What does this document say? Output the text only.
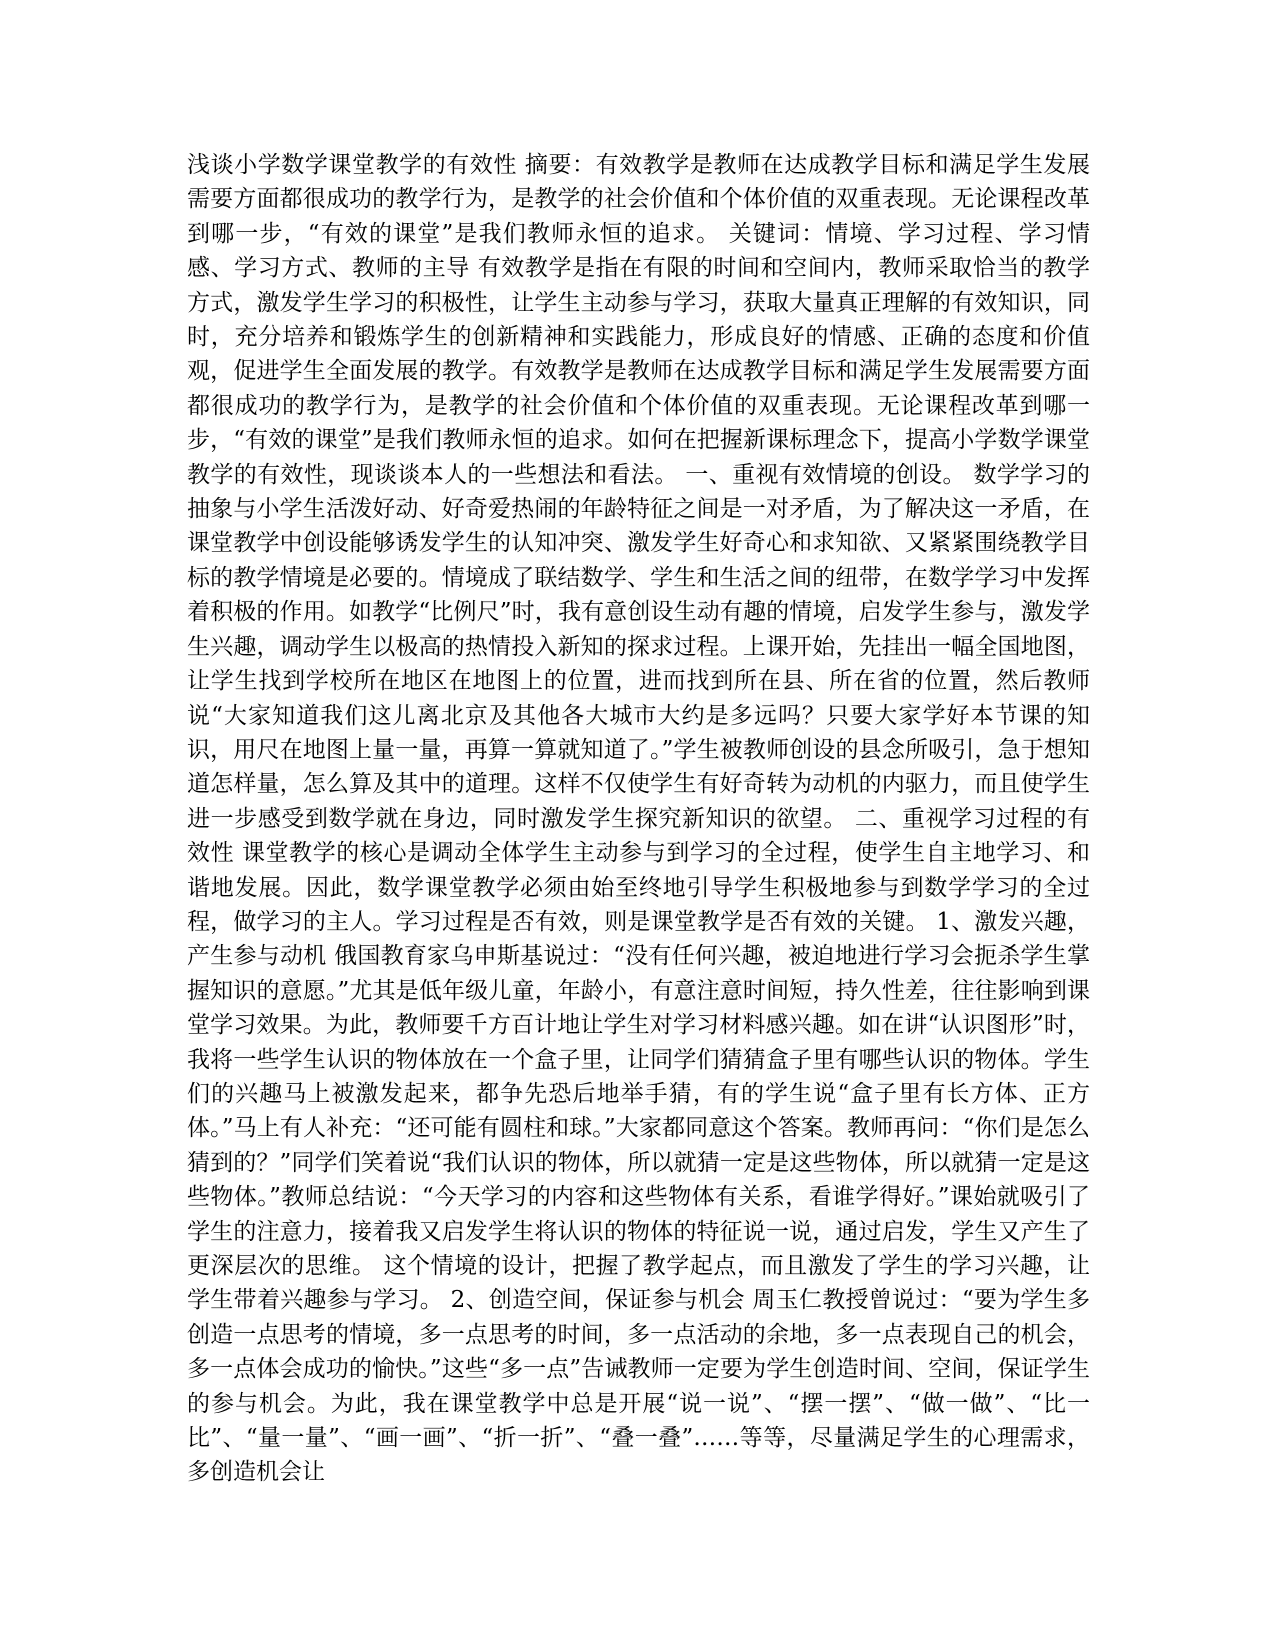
浅谈小学数学课堂教学的有效性 摘要：有效教学是教师在达成教学目标和满足学生发展需要方面都很成功的教学行为，是教学的社会价值和个体价值的双重表现。无论课程改革到哪一步，“有效的课堂”是我们教师永恒的追求。 关键词：情境、学习过程、学习情感、学习方式、教师的主导 有效教学是指在有限的时间和空间内，教师采取恰当的教学方式，激发学生学习的积极性，让学生主动参与学习，获取大量真正理解的有效知识，同时，充分培养和锻炼学生的创新精神和实践能力，形成良好的情感、正确的态度和价值观，促进学生全面发展的教学。有效教学是教师在达成教学目标和满足学生发展需要方面都很成功的教学行为，是教学的社会价值和个体价值的双重表现。无论课程改革到哪一步，“有效的课堂”是我们教师永恒的追求。如何在把握新课标理念下，提高小学数学课堂教学的有效性，现谈谈本人的一些想法和看法。 一、重视有效情境的创设。 数学学习的抽象与小学生活泼好动、好奇爱热闹的年龄特征之间是一对矛盾，为了解决这一矛盾，在课堂教学中创设能够诱发学生的认知冲突、激发学生好奇心和求知欲、又紧紧围绕教学目标的教学情境是必要的。情境成了联结数学、学生和生活之间的纽带，在数学学习中发挥着积极的作用。如教学“比例尺”时，我有意创设生动有趣的情境，启发学生参与，激发学生兴趣，调动学生以极高的热情投入新知的探求过程。上课开始，先挂出一幅全国地图，让学生找到学校所在地区在地图上的位置，进而找到所在县、所在省的位置，然后教师说“大家知道我们这儿离北京及其他各大城市大约是多远吗？只要大家学好本节课的知识，用尺在地图上量一量，再算一算就知道了。”学生被教师创设的县念所吸引，急于想知道怎样量，怎么算及其中的道理。这样不仅使学生有好奇转为动机的内驱力，而且使学生进一步感受到数学就在身边，同时激发学生探究新知识的欲望。 二、重视学习过程的有效性 课堂教学的核心是调动全体学生主动参与到学习的全过程，使学生自主地学习、和谐地发展。因此，数学课堂教学必须由始至终地引导学生积极地参与到数学学习的全过程，做学习的主人。学习过程是否有效，则是课堂教学是否有效的关键。 1、激发兴趣，产生参与动机 俄国教育家乌申斯基说过：“没有任何兴趣，被迫地进行学习会扼杀学生掌握知识的意愿。”尤其是低年级儿童，年龄小，有意注意时间短，持久性差，往往影响到课堂学习效果。为此，教师要千方百计地让学生对学习材料感兴趣。如在讲“认识图形”时，我将一些学生认识的物体放在一个盒子里，让同学们猜猜盒子里有哪些认识的物体。学生们的兴趣马上被激发起来，都争先恐后地举手猜，有的学生说“盒子里有长方体、正方体。”马上有人补充：“还可能有圆柱和球。”大家都同意这个答案。教师再问：“你们是怎么猜到的？”同学们笑着说“我们认识的物体，所以就猜一定是这些物体，所以就猜一定是这些物体。”教师总结说：“今天学习的内容和这些物体有关系，看谁学得好。”课始就吸引了学生的注意力，接着我又启发学生将认识的物体的特征说一说，通过启发，学生又产生了更深层次的思维。 这个情境的设计，把握了教学起点，而且激发了学生的学习兴趣，让学生带着兴趣参与学习。 2、创造空间，保证参与机会 周玉仁教授曾说过：“要为学生多创造一点思考的情境，多一点思考的时间，多一点活动的余地，多一点表现自己的机会，多一点体会成功的愉快。”这些“多一点”告诫教师一定要为学生创造时间、空间，保证学生的参与机会。为此，我在课堂教学中总是开展“说一说”、“摆一摆”、“做一做”、“比一比”、“量一量”、“画一画”、“折一折”、“叠一叠”……等等，尽量满足学生的心理需求，多创造机会让
